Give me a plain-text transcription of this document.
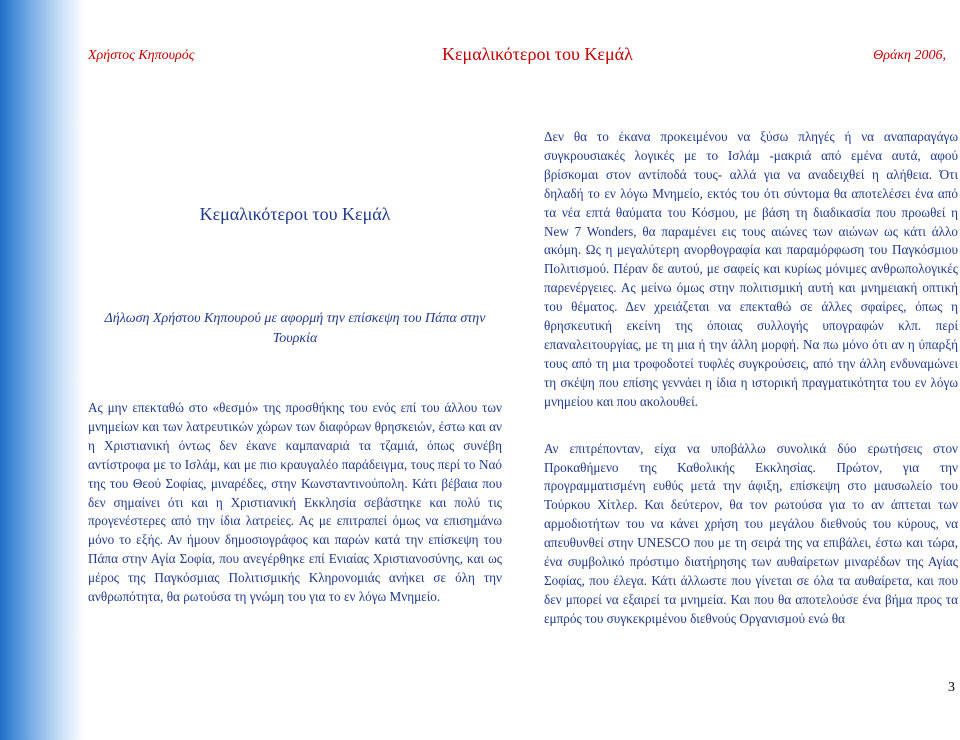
Χρήστος Κηπουρός	Κεμαλικότεροι του Κεμάλ	Θράκη 2006,
Κεμαλικότεροι του Κεμάλ
Δήλωση Χρήστου Κηπουρού με αφορμή την επίσκεψη του Πάπα στην Τουρκία

Ας μην επεκταθώ στο «θεσμό» της προσθήκης του ενός επί του άλλου των μνημείων και των λατρευτικών χώρων των διαφόρων θρησκειών, έστω και αν η Χριστιανική όντως δεν έκανε καμπαναριά τα τζαμιά, όπως συνέβη αντίστροφα με το Ισλάμ, και με πιο κραυγαλέο παράδειγμα, τους περί το Ναό της του Θεού Σοφίας, μιναρέδες, στην Κωνσταντινούπολη. Κάτι βέβαια που δεν σημαίνει ότι και η Χριστιανική Εκκλησία σεβάστηκε και πολύ τις προγενέστερες από την ίδια λατρείες. Ας με επιτραπεί όμως να επισημάνω μόνο το εξής. Αν ήμουν δημοσιογράφος και παρών κατά την επίσκεψη του Πάπα στην Αγία Σοφία, που ανεγέρθηκε επί Ενιαίας Χριστιανοσύνης, και ως μέρος της Παγκόσμιας Πολιτισμικής Κληρονομιάς ανήκει σε όλη την ανθρωπότητα, θα ρωτούσα τη γνώμη του για το εν λόγω Μνημείο.

Δεν θα το έκανα προκειμένου να ξύσω πληγές ή να αναπαραγάγω συγκρουσιακές λογικές με το Ισλάμ -μακριά από εμένα αυτά, αφού βρίσκομαι στον αντίποδά τους- αλλά για να αναδειχθεί η αλήθεια. Ότι δηλαδή το εν λόγω Μνημείο, εκτός του ότι σύντομα θα αποτελέσει ένα από τα νέα επτά θαύματα του Κόσμου, με βάση τη διαδικασία που προωθεί η New 7 Wonders, θα παραμένει εις τους αιώνες των αιώνων ως κάτι άλλο ακόμη. Ως η μεγαλύτερη ανορθογραφία και παραμόρφωση του Παγκόσμιου Πολιτισμού. Πέραν δε αυτού, με σαφείς και κυρίως μόνιμες ανθρωπολογικές παρενέργειες. Ας μείνω όμως στην πολιτισμική αυτή και μνημειακή οπτική του θέματος. Δεν χρειάζεται να επεκταθώ σε άλλες σφαίρες, όπως η θρησκευτική εκείνη της όποιας συλλογής υπογραφών κλπ. περί επαναλειτουργίας, με τη μια ή την άλλη μορφή. Να πω μόνο ότι αν η ύπαρξή τους από τη μια τροφοδοτεί τυφλές συγκρούσεις, από την άλλη ενδυναμώνει τη σκέψη που επίσης γεννάει η ίδια η ιστορική πραγματικότητα του εν λόγω μνημείου και που ακολουθεί.

Αν επιτρέπονταν, είχα να υποβάλλω συνολικά δύο ερωτήσεις στον Προκαθήμενο της Καθολικής Εκκλησίας. Πρώτον, για την προγραμματισμένη ευθύς μετά την άφιξη, επίσκεψη στο μαυσωλείο του Τούρκου Χίτλερ. Και δεύτερον, θα τον ρωτούσα για το αν άπτεται των αρμοδιοτήτων του να κάνει χρήση του μεγάλου διεθνούς του κύρους, να απευθυνθεί στην UNESCO που με τη σειρά της να επιβάλει, έστω και τώρα, ένα συμβολικό πρόστιμο διατήρησης των αυθαίρετων μιναρέδων της Αγίας Σοφίας, που έλεγα. Κάτι άλλωστε που γίνεται σε όλα τα αυθαίρετα, και που δεν μπορεί να εξαιρεί τα μνημεία. Και που θα αποτελούσε ένα βήμα προς τα εμπρός του συγκεκριμένου διεθνούς Οργανισμού ενώ θα

3
